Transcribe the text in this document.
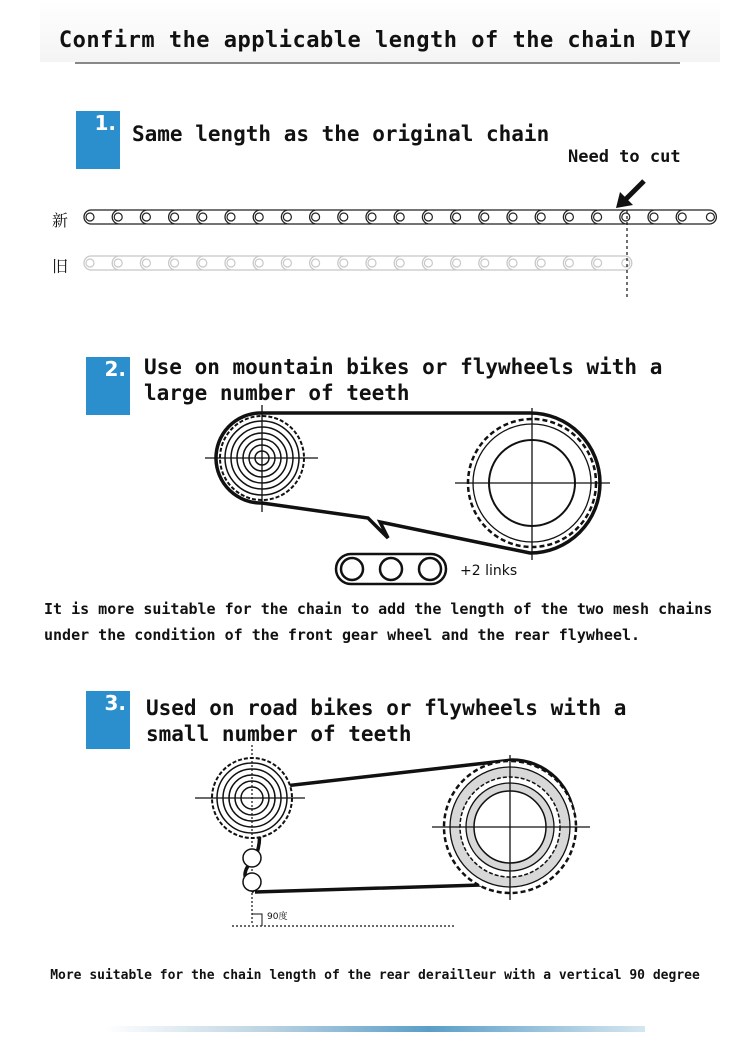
Confirm the applicable length of the chain DIY
1. Same length as the original chain
Need to cut
新
旧
2. Use on mountain bikes or flywheels with a
large number of teeth
+2 links
It is more suitable for the chain to add the length of the two mesh chains
under the condition of the front gear wheel and the rear flywheel.
3. Used on road bikes or flywheels with a
small number of teeth
90度
More suitable for the chain length of the rear derailleur with a vertical 90 degree
